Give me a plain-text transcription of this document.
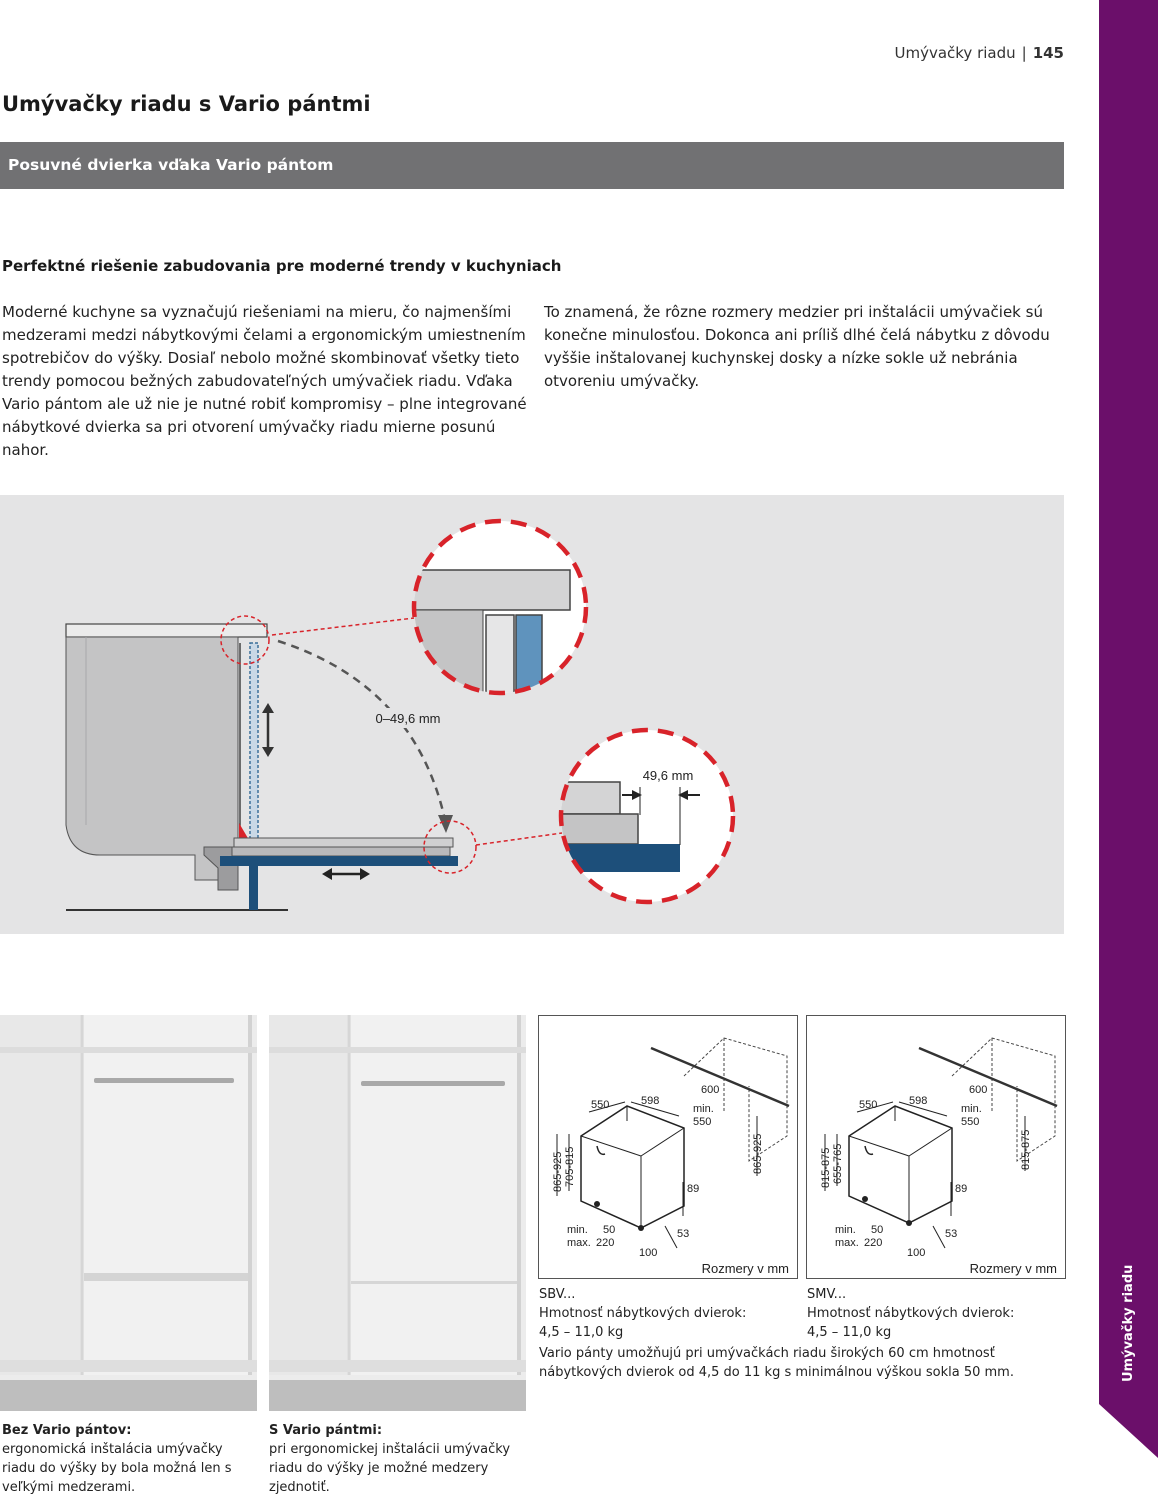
Umývačky riadu | 145
Umývačky riadu
Umývačky riadu s Vario pántmi
Posuvné dvierka vďaka Vario pántom
Perfektné riešenie zabudovania pre moderné trendy v kuchyniach
Moderné kuchyne sa vyznačujú riešeniami na mieru, čo najmenšími medzerami medzi nábytkovými čelami a ergonomickým umiestnením spotrebičov do výšky. Dosiaľ nebolo možné skombinovať všetky tieto trendy pomocou bežných zabudovateľných umývačiek riadu. Vďaka Vario pántom ale už nie je nutné robiť kompromisy – plne integrované nábytkové dvierka sa pri otvorení umývačky riadu mierne posunú nahor.
To znamená, že rôzne rozmery medzier pri inštalácii umývačiek sú konečne minulosťou. Dokonca ani príliš dlhé čelá nábytku z dôvodu vyššie inštalovanej kuchynskej dosky a nízke sokle už nebránia otvoreniu umývačky.
0–49,6 mm
49,6 mm
Bez Vario pántov:
ergonomická inštalácia umývačky riadu do výšky by bola možná len s veľkými medzerami.
S Vario pántmi:
pri ergonomickej inštalácii umývačky riadu do výšky je možné medzery zjednotiť.
550	598
600
min.
550
865-925 705-815	865-925
89
53
100
min.
max.
50
220
Rozmery v mm
550	598
600
min.
550
815-875 655-765	815-875
89
53
100
min.
max.
50
220
Rozmery v mm
SBV...
Hmotnosť nábytkových dvierok:
4,5 – 11,0 kg
SMV...
Hmotnosť nábytkových dvierok:
4,5 – 11,0 kg
Vario pánty umožňujú pri umývačkách riadu širokých 60 cm hmotnosť nábytkových dvierok od 4,5 do 11 kg s minimálnou výškou sokla 50 mm.
